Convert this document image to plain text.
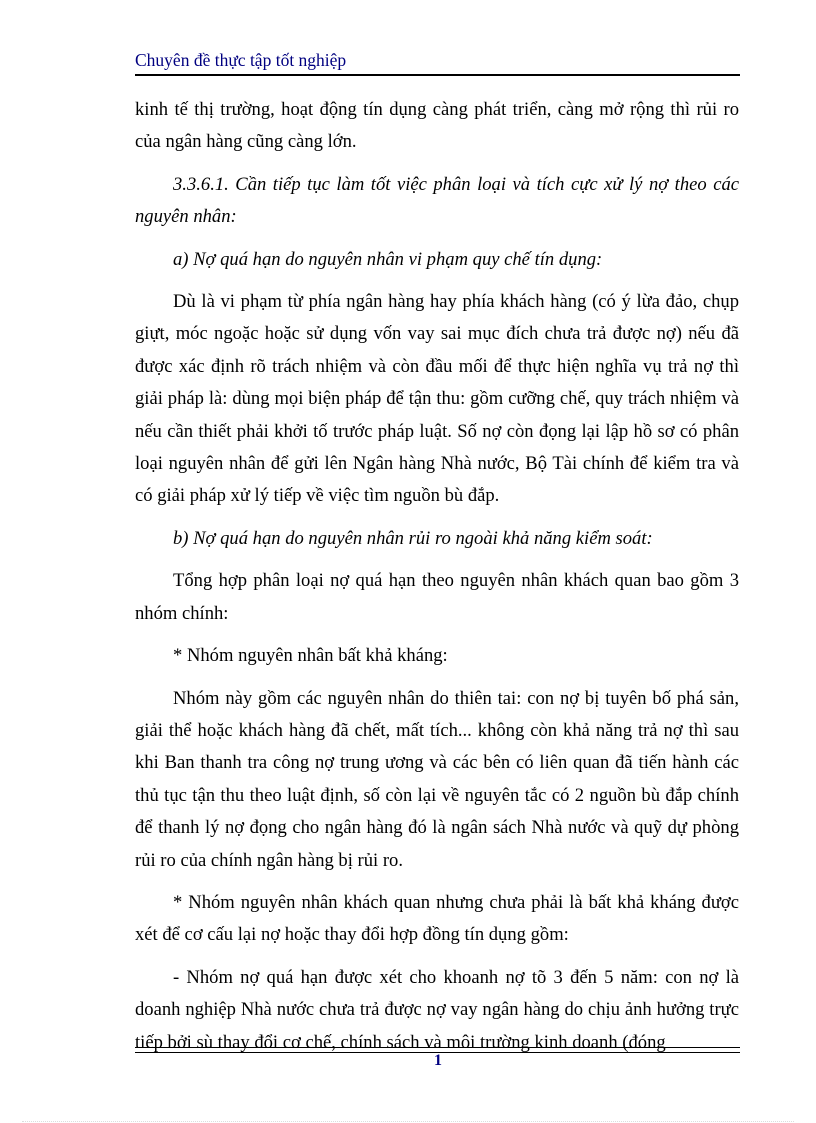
Chuyên đề thực tập tốt nghiệp

kinh tế thị trường, hoạt động tín dụng càng phát triển, càng mở rộng thì rủi ro của ngân hàng cũng càng lớn.

3.3.6.1. Cần tiếp tục làm tốt việc phân loại và tích cực xử lý nợ theo các nguyên nhân:

a) Nợ quá hạn do nguyên nhân vi phạm quy chế tín dụng:

Dù là vi phạm từ phía ngân hàng hay phía khách hàng (có ý lừa đảo, chụp giựt, móc ngoặc hoặc sử dụng vốn vay sai mục đích chưa trả được nợ) nếu đã được xác định rõ trách nhiệm và còn đầu mối để thực hiện nghĩa vụ trả nợ thì giải pháp là: dùng mọi biện pháp để tận thu: gồm cưỡng chế, quy trách nhiệm và nếu cần thiết phải khởi tố trước pháp luật. Số nợ còn đọng lại lập hồ sơ có phân loại nguyên nhân để gửi lên Ngân hàng Nhà nước, Bộ Tài chính để kiểm tra và có giải pháp xử lý tiếp về việc tìm nguồn bù đắp.

b) Nợ quá hạn do nguyên nhân rủi ro ngoài khả năng kiểm soát:

Tổng hợp phân loại nợ quá hạn theo nguyên nhân khách quan bao gồm 3 nhóm chính:

* Nhóm nguyên nhân bất khả kháng:

Nhóm này gồm các nguyên nhân do thiên tai: con nợ bị tuyên bố phá sản, giải thể hoặc khách hàng đã chết, mất tích... không còn khả năng trả nợ thì sau khi Ban thanh tra công nợ trung ương và các bên có liên quan đã tiến hành các thủ tục tận thu theo luật định, số còn lại về nguyên tắc có 2 nguồn bù đắp chính để thanh lý nợ đọng cho ngân hàng đó là ngân sách Nhà nước và quỹ dự phòng rủi ro của chính ngân hàng bị rủi ro.

* Nhóm nguyên nhân khách quan nhưng chưa phải là bất khả kháng được xét để cơ cấu lại nợ hoặc thay đổi hợp đồng tín dụng gồm:

- Nhóm nợ quá hạn được xét cho khoanh nợ tõ 3 đến 5 năm: con nợ là doanh nghiệp Nhà nước chưa trả được nợ vay ngân hàng do chịu ảnh hưởng trực tiếp bởi sù thay đổi cơ chế, chính sách và môi trường kinh doanh (đóng

1
